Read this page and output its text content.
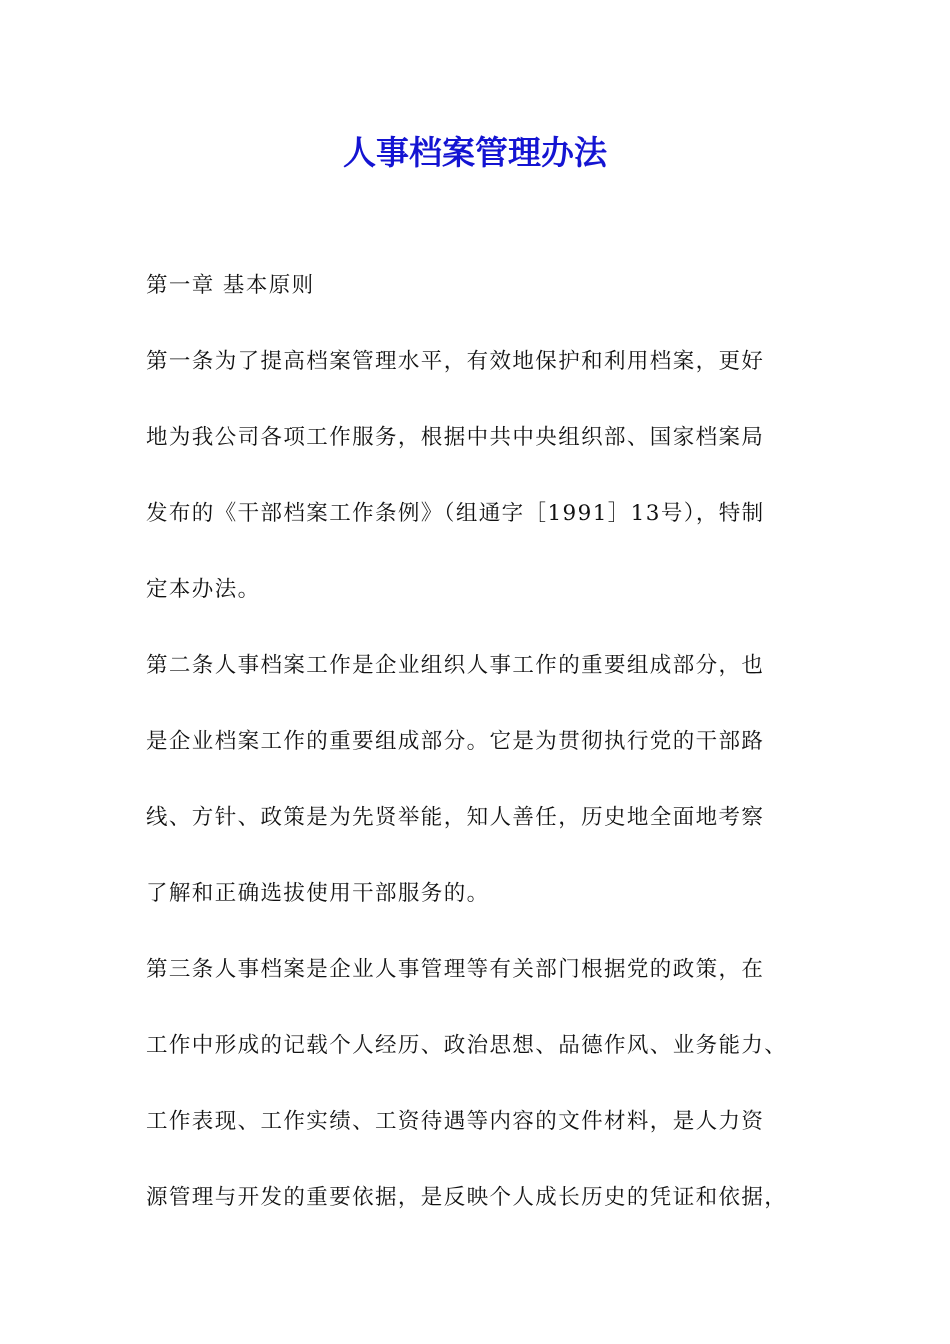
人事档案管理办法
第一章 基本原则
第一条为了提高档案管理水平，有效地保护和利用档案，更好
地为我公司各项工作服务，根据中共中央组织部、国家档案局
发布的《干部档案工作条例》（组通字［1991］13号），特制
定本办法。
第二条人事档案工作是企业组织人事工作的重要组成部分，也
是企业档案工作的重要组成部分。它是为贯彻执行党的干部路
线、方针、政策是为先贤举能，知人善任，历史地全面地考察
了解和正确选拔使用干部服务的。
第三条人事档案是企业人事管理等有关部门根据党的政策，在
工作中形成的记载个人经历、政治思想、品德作风、业务能力、
工作表现、工作实绩、工资待遇等内容的文件材料，是人力资
源管理与开发的重要依据，是反映个人成长历史的凭证和依据，
